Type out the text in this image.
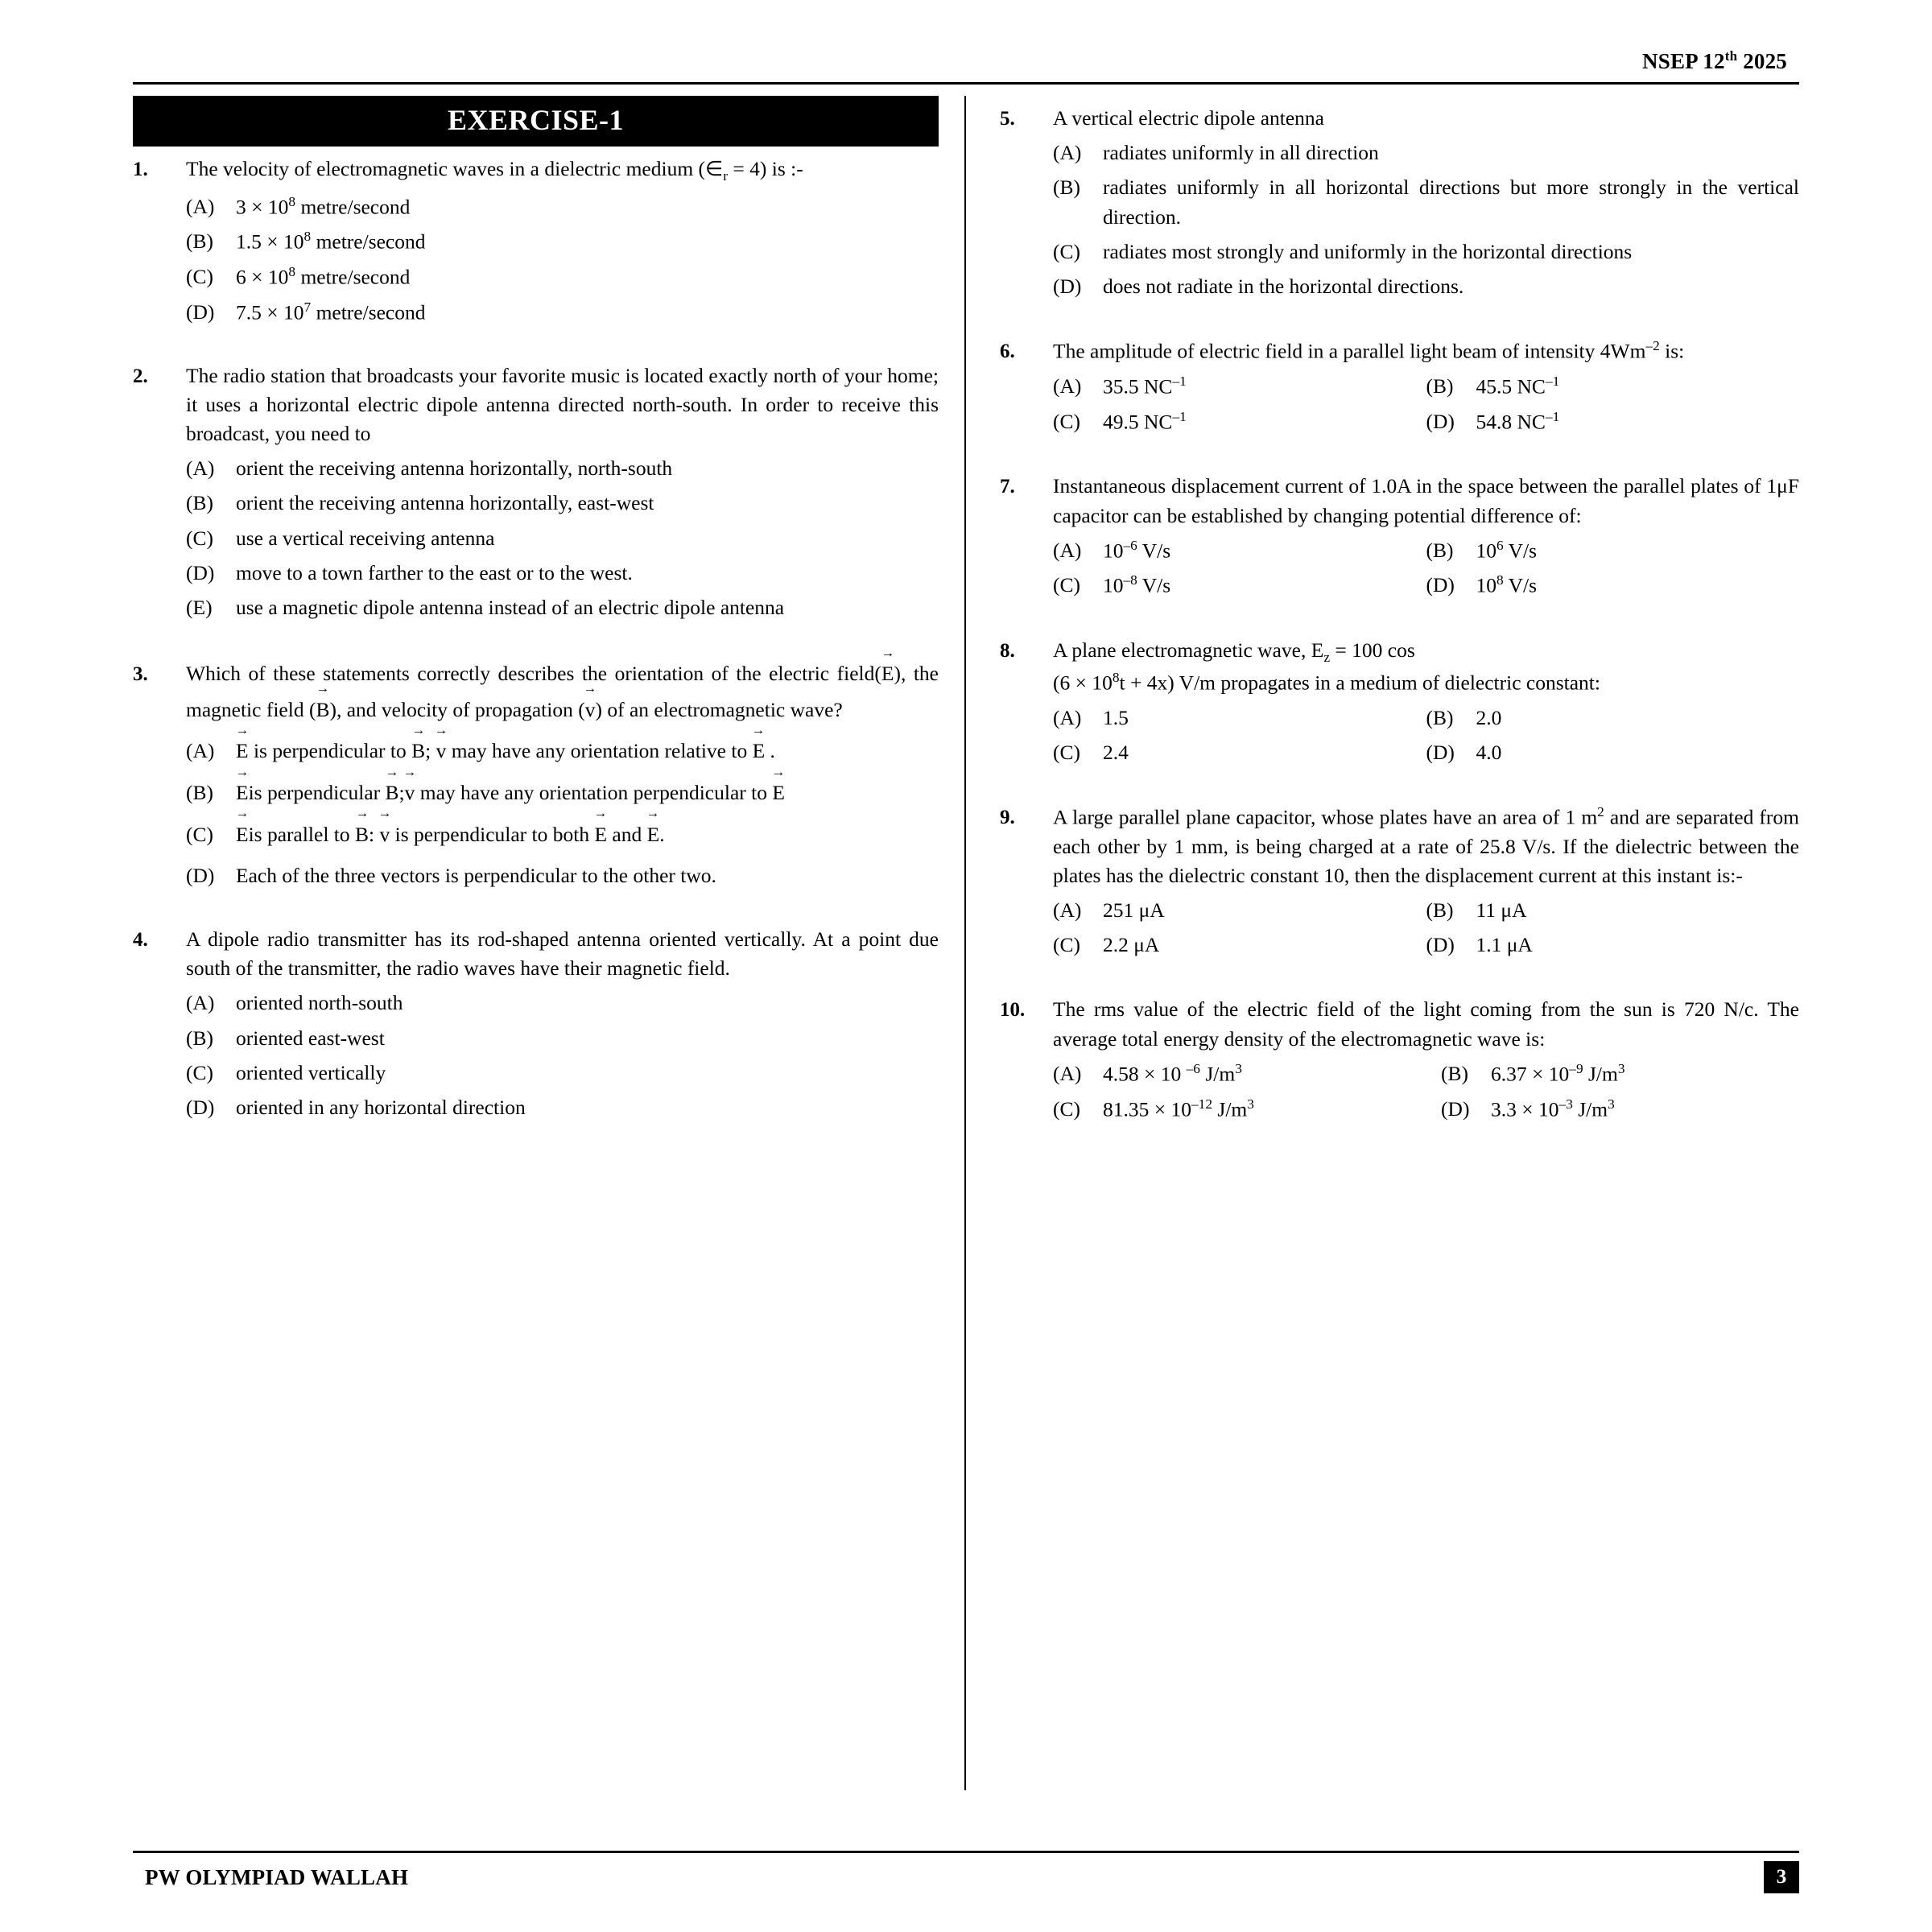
NSEP 12th 2025
EXERCISE-1
1.	The velocity of electromagnetic waves in a dielectric medium $(\in_r = 4)$ is :-
(A)	$3 \times 10^8$ metre/second
(B)	$1.5 \times 10^8$ metre/second
(C)	$6 \times 10^8$ metre/second
(D)	$7.5 \times 10^7$ metre/second
2.	The radio station that broadcasts your favorite music is located exactly north of your home; it uses a horizontal electric dipole antenna directed north-south. In order to receive this broadcast, you need to
(A)	orient the receiving antenna horizontally, north-south
(B)	orient the receiving antenna horizontally, east-west
(C)	use a vertical receiving antenna
(D)	move to a town farther to the east or to the west.
(E)	use a magnetic dipole antenna instead of an electric dipole antenna
3.	Which of these statements correctly describes the orientation of the electric field(E →), the magnetic field (B →), and velocity of propagation (v →) of an electromagnetic wave?
(A)	E → is perpendicular to B →; v → may have any orientation relative to E → .
(B)	E →is perpendicular B →;v → may have any orientation perpendicular to E →
(C)	E →is parallel to B →: v → is perpendicular to both E → and E →.
(D)	Each of the three vectors is perpendicular to the other two.
4.	A dipole radio transmitter has its rod-shaped antenna oriented vertically. At a point due south of the transmitter, the radio waves have their magnetic field.
(A)	oriented north-south
(B)	oriented east-west
(C)	oriented vertically
(D)	oriented in any horizontal direction
5.	A vertical electric dipole antenna
(A)	radiates uniformly in all direction
(B)	radiates uniformly in all horizontal directions but more strongly in the vertical direction.
(C)	radiates most strongly and uniformly in the horizontal directions
(D)	does not radiate in the horizontal directions.
6.	The amplitude of electric field in a parallel light beam of intensity $4Wm^{-2}$ is:
(A)	35.5 $NC^{-1}$	(B)	45.5 $NC^{-1}$
(C)	49.5 $NC^{-1}$	(D)	54.8 $NC^{-1}$
7.	Instantaneous displacement current of 1.0A in the space between the parallel plates of 1μF capacitor can be established by changing potential difference of:
(A)	$10^{-6}$ V/s	(B)	$10^6$ V/s
(C)	$10^{-8}$ V/s	(D)	$10^8$ V/s
8.	A plane electromagnetic wave, $E_z = 100$ cos
$(6 \times 10^8t + 4x)$ V/m propagates in a medium of dielectric constant:
(A)	1.5	(B)	2.0
(C)	2.4	(D)	4.0
9.	A large parallel plane capacitor, whose plates have an area of 1 $m^2$ and are separated from each other by 1 mm, is being charged at a rate of 25.8 V/s. If the dielectric between the plates has the dielectric constant 10, then the displacement current at this instant is:-
(A)	251 μA	(B)	11 μA
(C)	2.2 μA	(D)	1.1 μA
10.	The rms value of the electric field of the light coming from the sun is 720 N/c. The average total energy density of the electromagnetic wave is:
(A)	4.58 × 10 $^{-6}$ $J/m^3$	(B)	$6.37 \times 10^{-9}$ $J/m^3$
(C)	$81.35 \times 10^{-12}$ $J/m^3$	(D)	$3.3 \times 10^{-3}$ $J/m^3$
PW OLYMPIAD WALLAH	3
